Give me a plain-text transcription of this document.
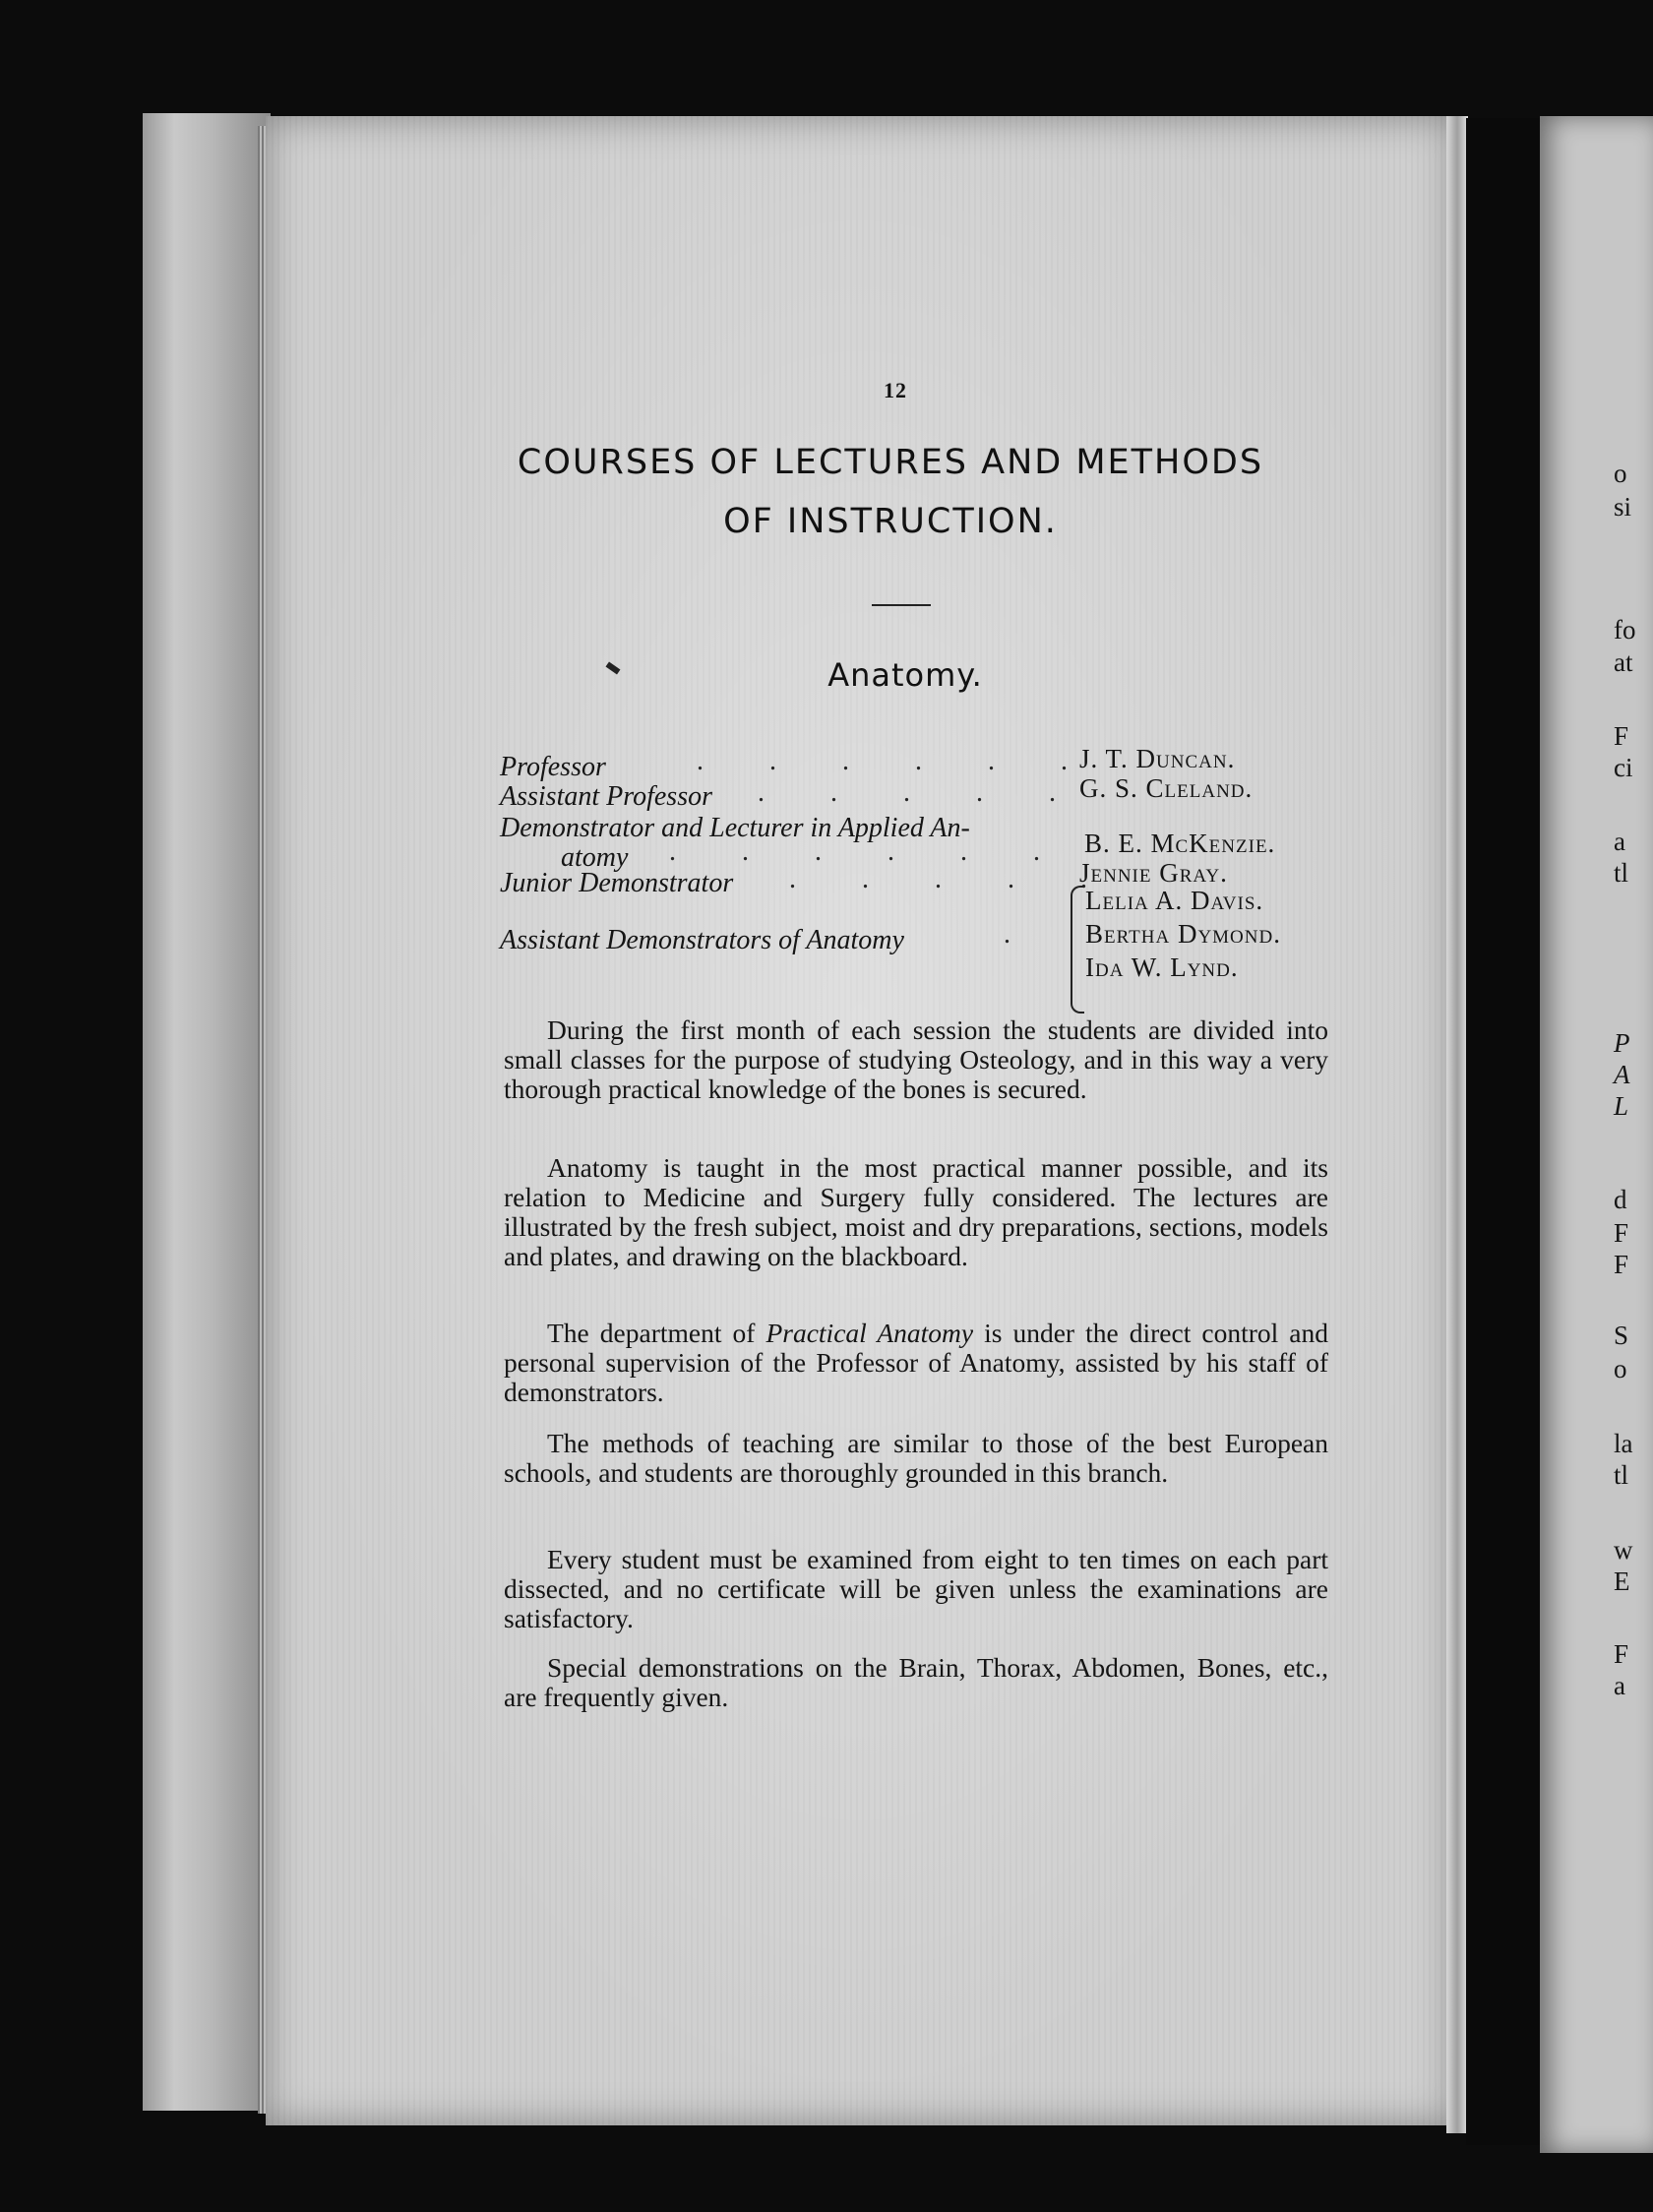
o
si
fo
at
F
ci
a
tl
P
A
L
d
F
F
S
o
la
tl
w
E
F
a
12
COURSES OF LECTURES AND METHODS
OF INSTRUCTION.
Anatomy.
Professor	. . . . . .
J. T. Duncan.
Assistant Professor . . . . .
G. S. Cleland.
Demonstrator and Lecturer in Applied An-
atomy . . . . . . B. E. McKenzie.
Junior Demonstrator . . . . .
Jennie Gray.
Lelia A. Davis.
Assistant Demonstrators of Anatomy	. Bertha Dymond.
Ida W. Lynd.
During the first month of each session the students are divided into small classes for the purpose of studying Osteology, and in this way a very thorough practical knowledge of the bones is secured.
Anatomy is taught in the most practical manner possible, and its relation to Medicine and Surgery fully considered. The lectures are illustrated by the fresh subject, moist and dry preparations, sections, models and plates, and drawing on the blackboard.
The department of Practical Anatomy is under the direct control and personal supervision of the Professor of Anatomy, assisted by his staff of demonstrators.
The methods of teaching are similar to those of the best European schools, and students are thoroughly grounded in this branch.
Every student must be examined from eight to ten times on each part dissected, and no certificate will be given unless the examinations are satisfactory.
Special demonstrations on the Brain, Thorax, Abdomen, Bones, etc., are frequently given.
